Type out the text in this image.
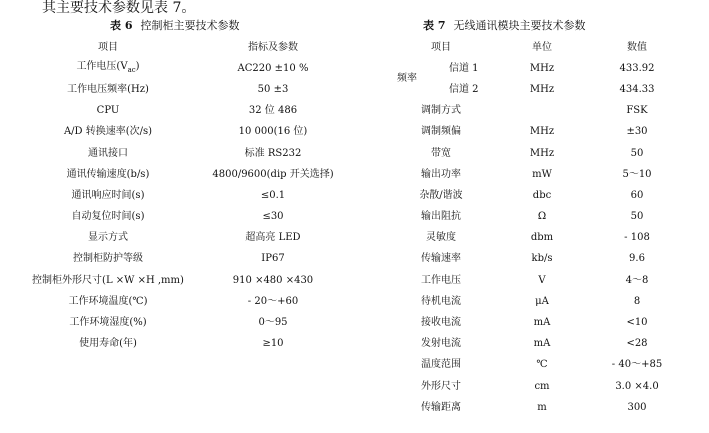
其主要技术参数见表 7。
表 6 控制柜主要技术参数	表 7 无线通讯模块主要技术参数
项目	指标及参数
工作电压$(V_{ac})$	AC220 ±10 %
工作电压频率(Hz)	50 ±3
CPU	32 位 486
A/D 转换速率(次/s)	10 000(16 位)
通讯接口	标准 RS232
通讯传输速度(b/s)	4800/9600(dip 开关选择)
通讯响应时间(s)	≤0.1
自动复位时间(s)	≤30
显示方式	超高亮 LED
控制柜防护等级	IP67
控制柜外形尺寸(L ×W ×H ,mm)	910 ×480 ×430
工作环境温度(℃)	- 20～+60
工作环境湿度(%)	0～95
使用寿命(年)	≥10
项目		单位	数值
频率	信道 1	MHz	433.92
	信道 2	MHz	434.33
调制方式			FSK
调制频偏		MHz	±30
带宽		MHz	50
输出功率		mW	5～10
杂散/谐波		dbc	60
输出阻抗		Ω	50
灵敏度		dbm	- 108
传输速率		kb/s	9.6
工作电压		V	4～8
待机电流		μA	8
接收电流		mA	<10
发射电流		mA	<28
温度范围		℃	- 40～+85
外形尺寸		cm	3.0 ×4.0
传输距离		m	300
